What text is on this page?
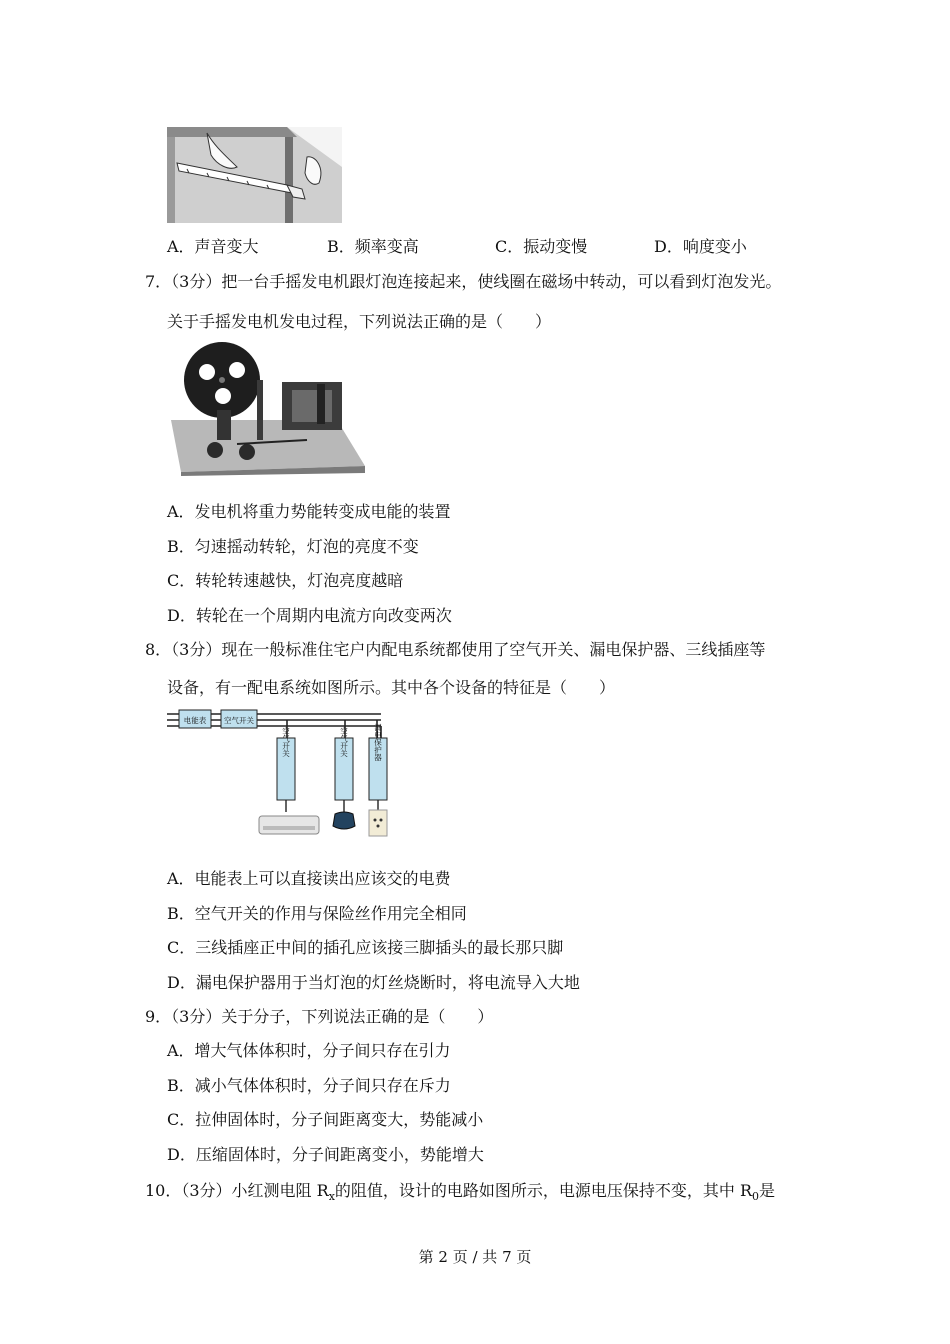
A．声音变大	B．频率变高	C．振动变慢	D．响度变小
7．（3分）把一台手摇发电机跟灯泡连接起来，使线圈在磁场中转动，可以看到灯泡发光。
关于手摇发电机发电过程，下列说法正确的是（　　）
A．发电机将重力势能转变成电能的装置
B．匀速摇动转轮，灯泡的亮度不变
C．转轮转速越快，灯泡亮度越暗
D．转轮在一个周期内电流方向改变两次
8．（3分）现在一般标准住宅户内配电系统都使用了空气开关、漏电保护器、三线插座等
设备，有一配电系统如图所示。其中各个设备的特征是（　　）
电能表 空气开关
空气开关	空气开关	漏电保护器
A．电能表上可以直接读出应该交的电费
B．空气开关的作用与保险丝作用完全相同
C．三线插座正中间的插孔应该接三脚插头的最长那只脚
D．漏电保护器用于当灯泡的灯丝烧断时，将电流导入大地
9．（3分）关于分子，下列说法正确的是（　　）
A．增大气体体积时，分子间只存在引力
B．减小气体体积时，分子间只存在斥力
C．拉伸固体时，分子间距离变大，势能减小
D．压缩固体时，分子间距离变小，势能增大
10．（3分）小红测电阻 $R_x$的阻值，设计的电路如图所示，电源电压保持不变，其中 $R_0$是
第 2 页 / 共 7 页
